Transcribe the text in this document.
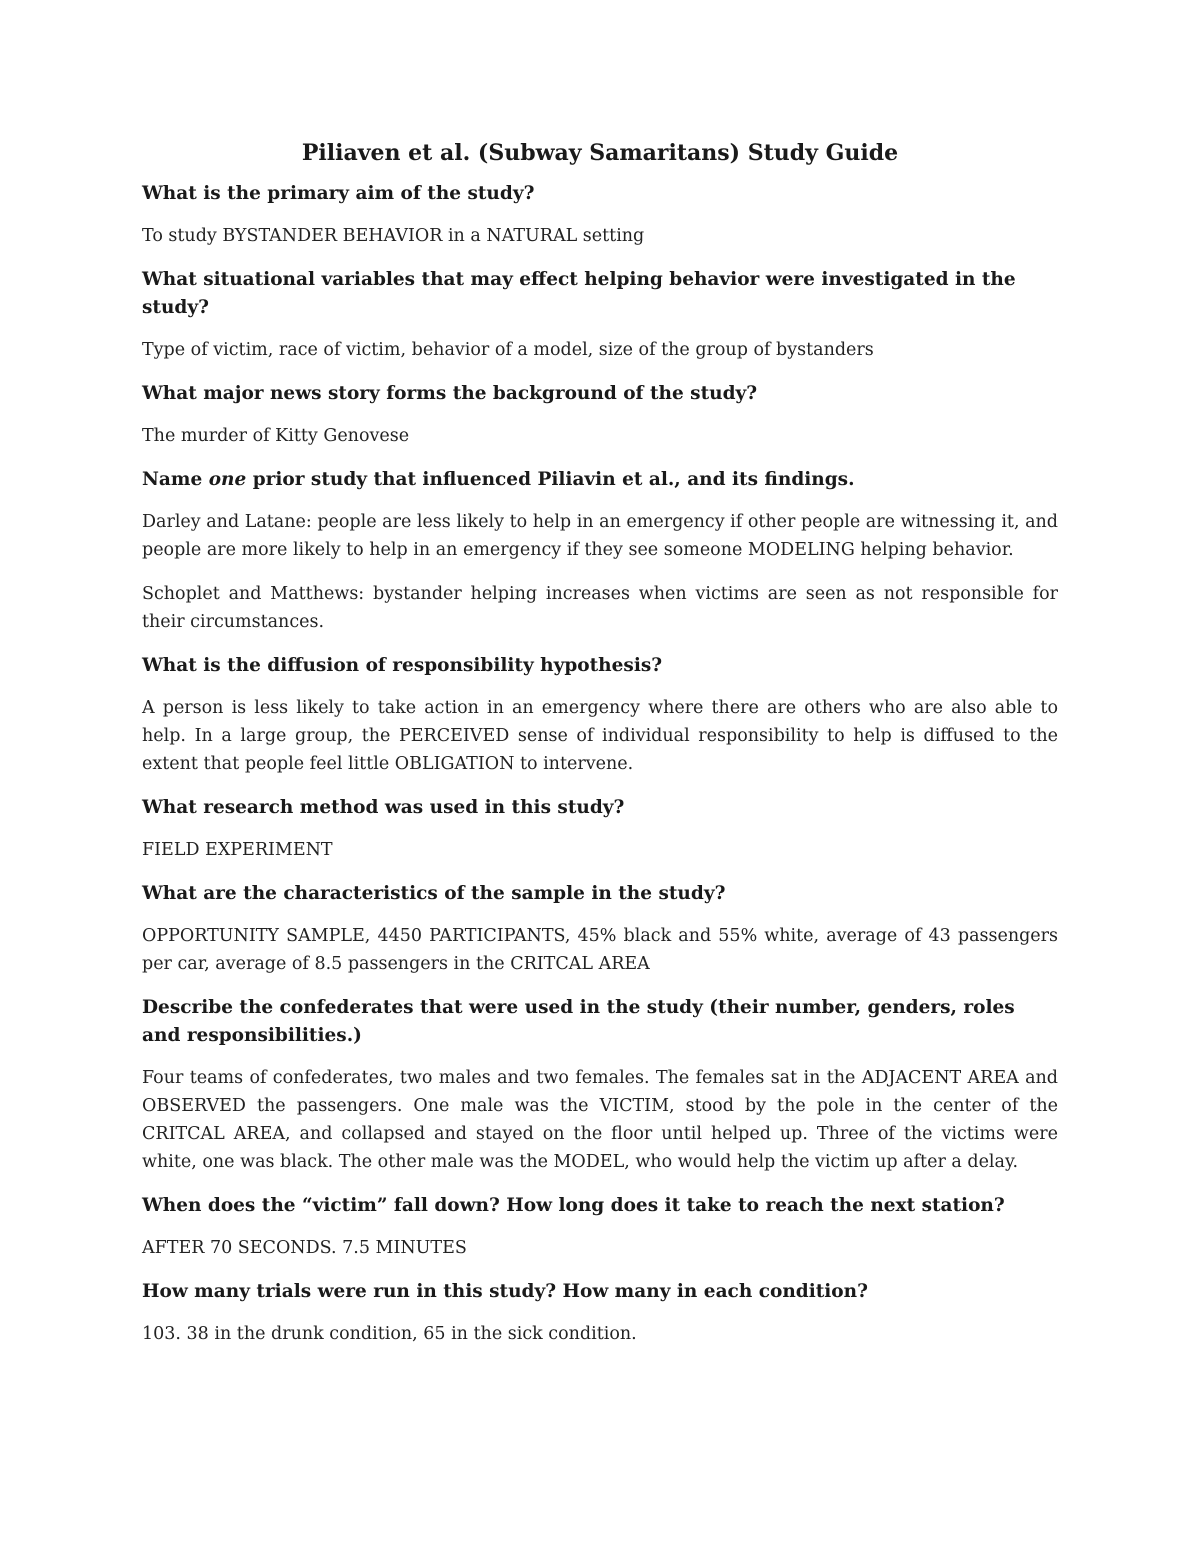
Piliaven et al. (Subway Samaritans) Study Guide

What is the primary aim of the study?

To study BYSTANDER BEHAVIOR in a NATURAL setting

What situational variables that may effect helping behavior were investigated in the study?

Type of victim, race of victim, behavior of a model, size of the group of bystanders

What major news story forms the background of the study?

The murder of Kitty Genovese

Name one prior study that influenced Piliavin et al., and its findings.

Darley and Latane: people are less likely to help in an emergency if other people are witnessing it, and people are more likely to help in an emergency if they see someone MODELING helping behavior.

Schoplet and Matthews: bystander helping increases when victims are seen as not responsible for their circumstances.

What is the diffusion of responsibility hypothesis?

A person is less likely to take action in an emergency where there are others who are also able to help. In a large group, the PERCEIVED sense of individual responsibility to help is diffused to the extent that people feel little OBLIGATION to intervene.

What research method was used in this study?

FIELD EXPERIMENT

What are the characteristics of the sample in the study?

OPPORTUNITY SAMPLE, 4450 PARTICIPANTS, 45% black and 55% white, average of 43 passengers per car, average of 8.5 passengers in the CRITCAL AREA

Describe the confederates that were used in the study (their number, genders, roles and responsibilities.)

Four teams of confederates, two males and two females. The females sat in the ADJACENT AREA and OBSERVED the passengers. One male was the VICTIM, stood by the pole in the center of the CRITCAL AREA, and collapsed and stayed on the floor until helped up. Three of the victims were white, one was black. The other male was the MODEL, who would help the victim up after a delay.

When does the “victim” fall down? How long does it take to reach the next station?

AFTER 70 SECONDS. 7.5 MINUTES

How many trials were run in this study? How many in each condition?

103. 38 in the drunk condition, 65 in the sick condition.
